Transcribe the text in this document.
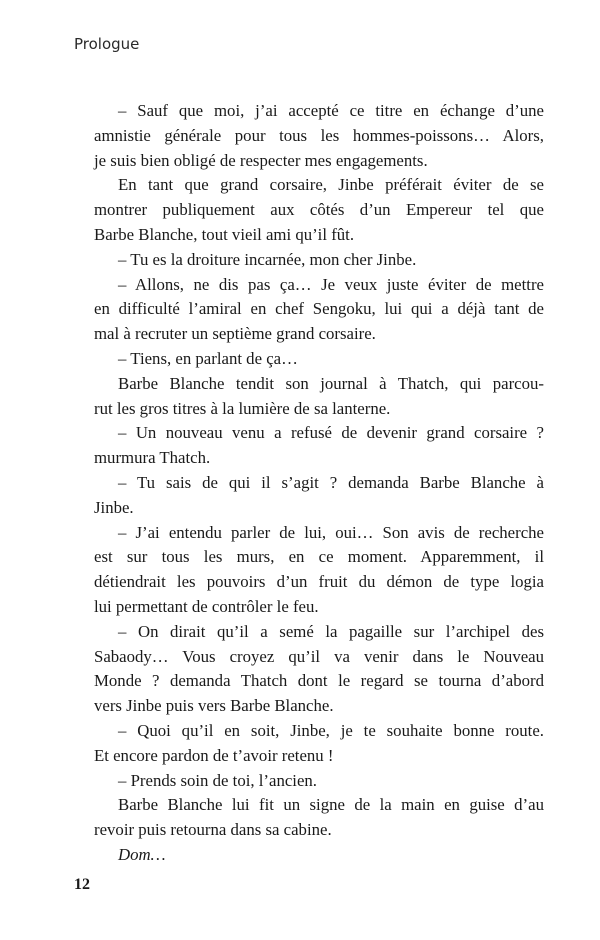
Prologue
– Sauf que moi, j’ai accepté ce titre en échange d’une
amnistie générale pour tous les hommes-poissons… Alors,
je suis bien obligé de respecter mes engagements.
En tant que grand corsaire, Jinbe préférait éviter de se
montrer publiquement aux côtés d’un Empereur tel que
Barbe Blanche, tout vieil ami qu’il fût.
– Tu es la droiture incarnée, mon cher Jinbe.
– Allons, ne dis pas ça… Je veux juste éviter de mettre
en difficulté l’amiral en chef Sengoku, lui qui a déjà tant de
mal à recruter un septième grand corsaire.
– Tiens, en parlant de ça…
Barbe Blanche tendit son journal à Thatch, qui parcou-
rut les gros titres à la lumière de sa lanterne.
– Un nouveau venu a refusé de devenir grand corsaire ?
murmura Thatch.
– Tu sais de qui il s’agit ? demanda Barbe Blanche à
Jinbe.
– J’ai entendu parler de lui, oui… Son avis de recherche
est sur tous les murs, en ce moment. Apparemment, il
détiendrait les pouvoirs d’un fruit du démon de type logia
lui permettant de contrôler le feu.
– On dirait qu’il a semé la pagaille sur l’archipel des
Sabaody… Vous croyez qu’il va venir dans le Nouveau
Monde ? demanda Thatch dont le regard se tourna d’abord
vers Jinbe puis vers Barbe Blanche.
– Quoi qu’il en soit, Jinbe, je te souhaite bonne route.
Et encore pardon de t’avoir retenu !
– Prends soin de toi, l’ancien.
Barbe Blanche lui fit un signe de la main en guise d’au
revoir puis retourna dans sa cabine.
Dom…
12
